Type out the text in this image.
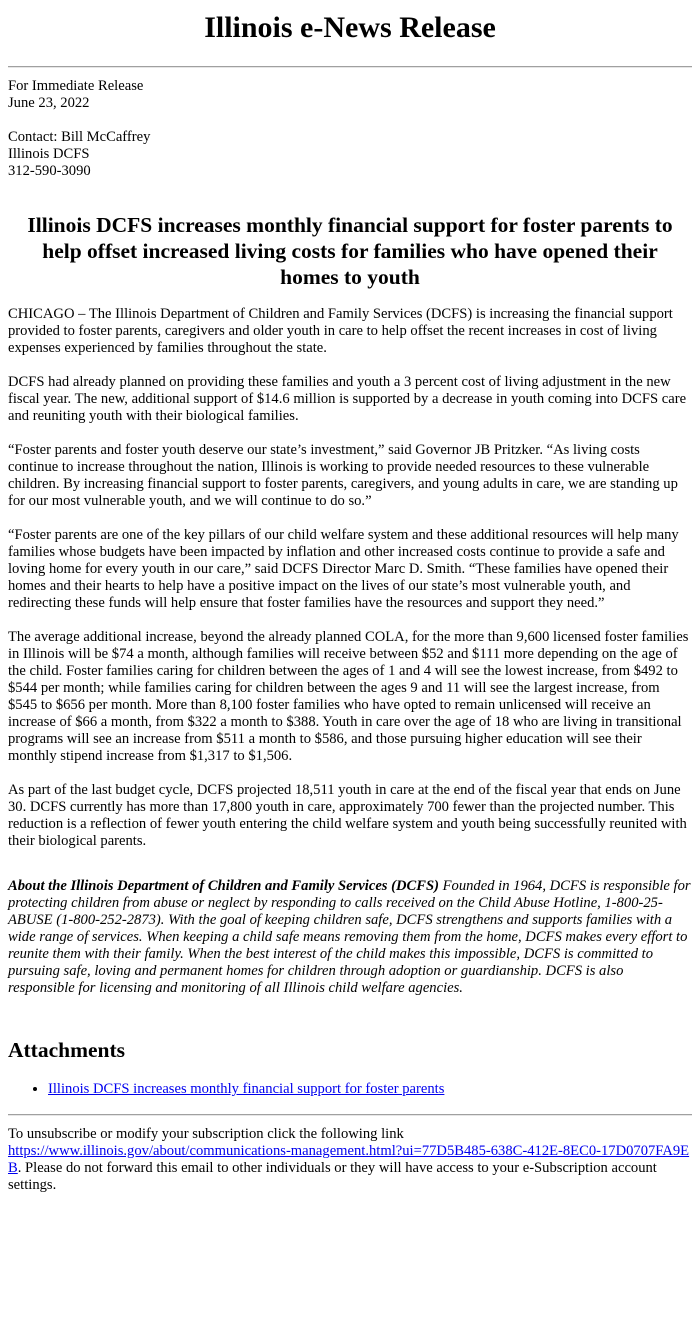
Illinois e-News Release
For Immediate Release
June 23, 2022
Contact: Bill McCaffrey
Illinois DCFS
312-590-3090
Illinois DCFS increases monthly financial support for foster parents to help offset increased living costs for families who have opened their homes to youth

CHICAGO – The Illinois Department of Children and Family Services (DCFS) is increasing the financial support provided to foster parents, caregivers and older youth in care to help offset the recent increases in cost of living expenses experienced by families throughout the state.

DCFS had already planned on providing these families and youth a 3 percent cost of living adjustment in the new fiscal year. The new, additional support of $14.6 million is supported by a decrease in youth coming into DCFS care and reuniting youth with their biological families.

“Foster parents and foster youth deserve our state’s investment,” said Governor JB Pritzker. “As living costs continue to increase throughout the nation, Illinois is working to provide needed resources to these vulnerable children. By increasing financial support to foster parents, caregivers, and young adults in care, we are standing up for our most vulnerable youth, and we will continue to do so.”

“Foster parents are one of the key pillars of our child welfare system and these additional resources will help many families whose budgets have been impacted by inflation and other increased costs continue to provide a safe and loving home for every youth in our care,” said DCFS Director Marc D. Smith. “These families have opened their homes and their hearts to help have a positive impact on the lives of our state’s most vulnerable youth, and redirecting these funds will help ensure that foster families have the resources and support they need.”

The average additional increase, beyond the already planned COLA, for the more than 9,600 licensed foster families in Illinois will be $74 a month, although families will receive between $52 and $111 more depending on the age of the child. Foster families caring for children between the ages of 1 and 4 will see the lowest increase, from $492 to $544 per month; while families caring for children between the ages 9 and 11 will see the largest increase, from $545 to $656 per month. More than 8,100 foster families who have opted to remain unlicensed will receive an increase of $66 a month, from $322 a month to $388. Youth in care over the age of 18 who are living in transitional programs will see an increase from $511 a month to $586, and those pursuing higher education will see their monthly stipend increase from $1,317 to $1,506.

As part of the last budget cycle, DCFS projected 18,511 youth in care at the end of the fiscal year that ends on June 30. DCFS currently has more than 17,800 youth in care, approximately 700 fewer than the projected number. This reduction is a reflection of fewer youth entering the child welfare system and youth being successfully reunited with their biological parents.

About the Illinois Department of Children and Family Services (DCFS) Founded in 1964, DCFS is responsible for protecting children from abuse or neglect by responding to calls received on the Child Abuse Hotline, 1-800-25-ABUSE (1-800-252-2873). With the goal of keeping children safe, DCFS strengthens and supports families with a wide range of services. When keeping a child safe means removing them from the home, DCFS makes every effort to reunite them with their family. When the best interest of the child makes this impossible, DCFS is committed to pursuing safe, loving and permanent homes for children through adoption or guardianship. DCFS is also responsible for licensing and monitoring of all Illinois child welfare agencies.

Attachments
• Illinois DCFS increases monthly financial support for foster parents

To unsubscribe or modify your subscription click the following link
https://www.illinois.gov/about/communications-management.html?ui=77D5B485-638C-412E-8EC0-17D0707FA9EB. Please do not forward this email to other individuals or they will have access to your e-Subscription account settings.
